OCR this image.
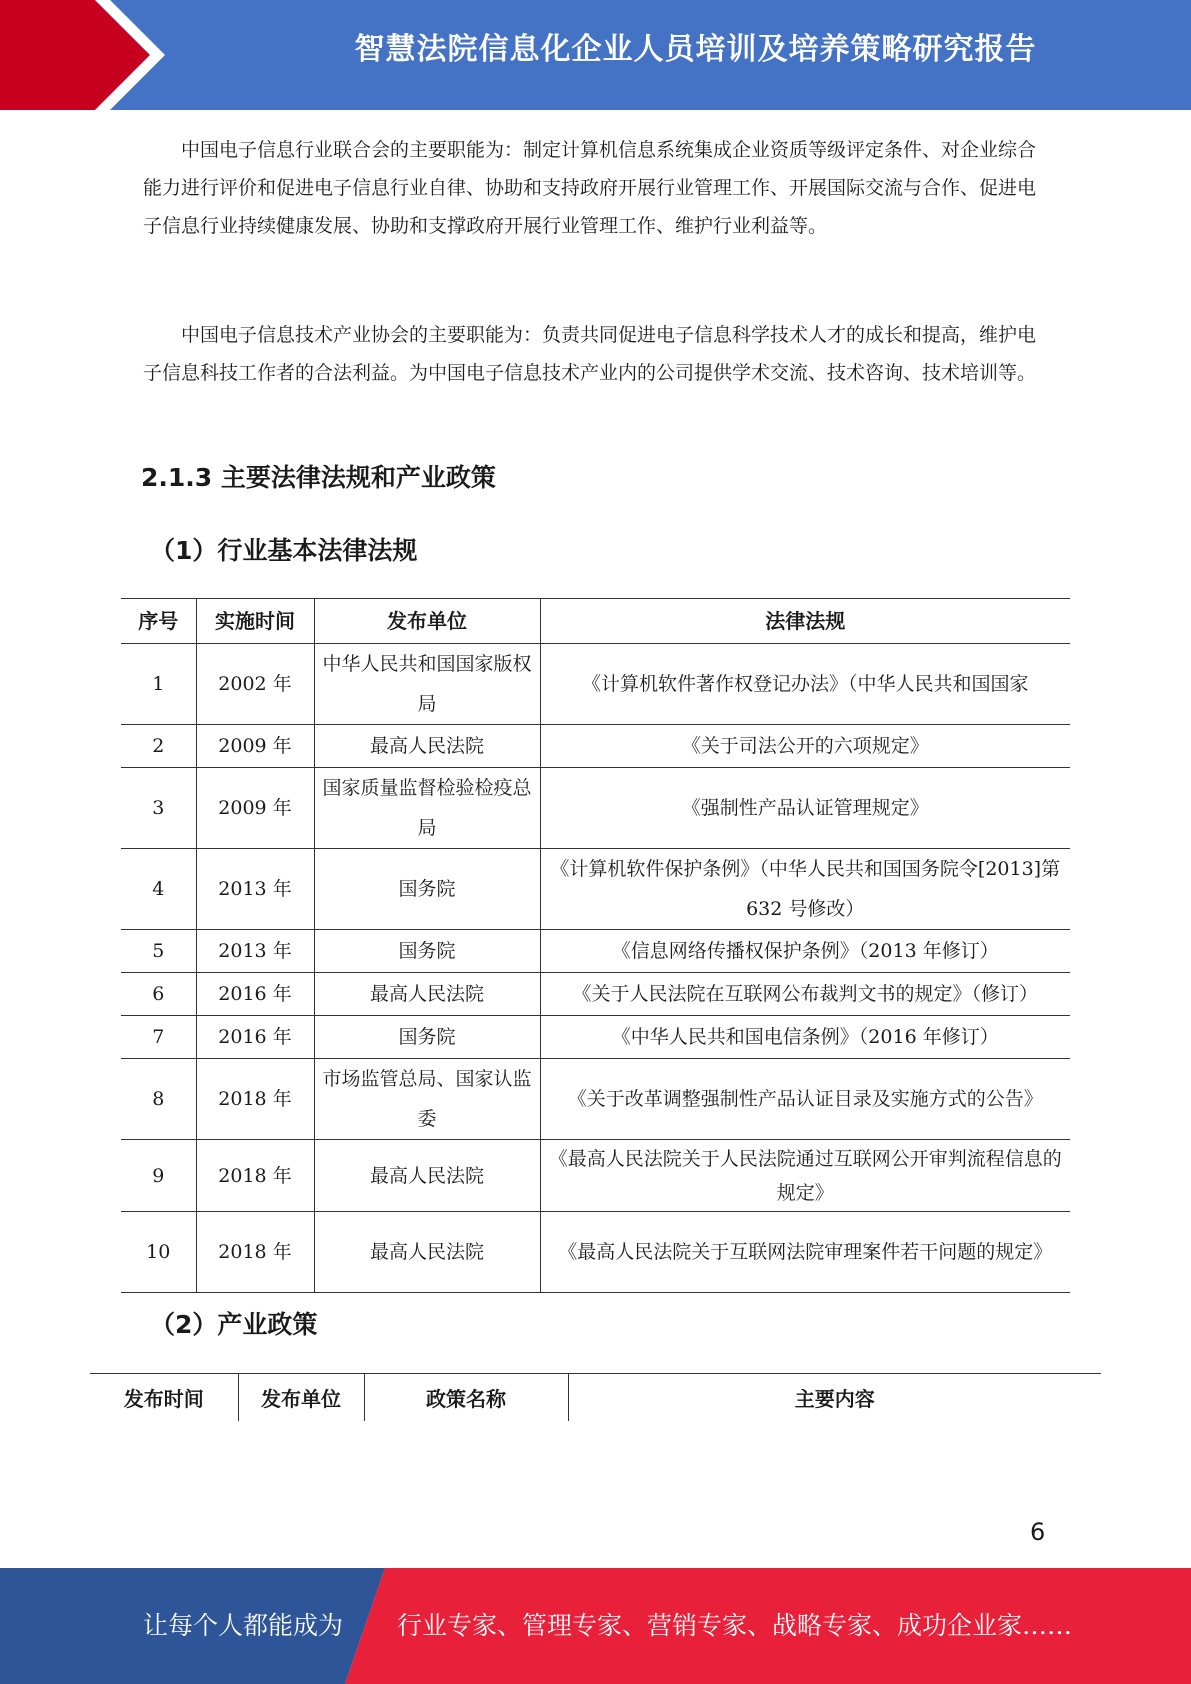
智慧法院信息化企业人员培训及培养策略研究报告

中国电子信息行业联合会的主要职能为：制定计算机信息系统集成企业资质等级评定条件、对企业综合能力进行评价和促进电子信息行业自律、协助和支持政府开展行业管理工作、开展国际交流与合作、促进电子信息行业持续健康发展、协助和支撑政府开展行业管理工作、维护行业利益等。

中国电子信息技术产业协会的主要职能为：负责共同促进电子信息科学技术人才的成长和提高，维护电子信息科技工作者的合法利益。为中国电子信息技术产业内的公司提供学术交流、技术咨询、技术培训等。

2.1.3 主要法律法规和产业政策
（1）行业基本法律法规
序号	实施时间	发布单位	法律法规
1	2002 年	中华人民共和国国家版权局	《计算机软件著作权登记办法》（中华人民共和国国家
2	2009 年	最高人民法院	《关于司法公开的六项规定》
3	2009 年	国家质量监督检验检疫总局	《强制性产品认证管理规定》
4	2013 年	国务院	《计算机软件保护条例》（中华人民共和国国务院令[2013]第 632 号修改）
5	2013 年	国务院	《信息网络传播权保护条例》（2013 年修订）
6	2016 年	最高人民法院	《关于人民法院在互联网公布裁判文书的规定》（修订）

7	2016 年	国务院	《中华人民共和国电信条例》（2016 年修订）
8	2018 年	市场监管总局、国家认监委	《关于改革调整强制性产品认证目录及实施方式的公告》
9	2018 年	最高人民法院	《最高人民法院关于人民法院通过互联网公开审判流程信息的规定》
10	2018 年	最高人民法院	《最高人民法院关于互联网法院审理案件若干问题的规定》
（2）产业政策
发布时间	发布单位	政策名称	主要内容
6
让每个人都能成为 行业专家、管理专家、营销专家、战略专家、成功企业家……
